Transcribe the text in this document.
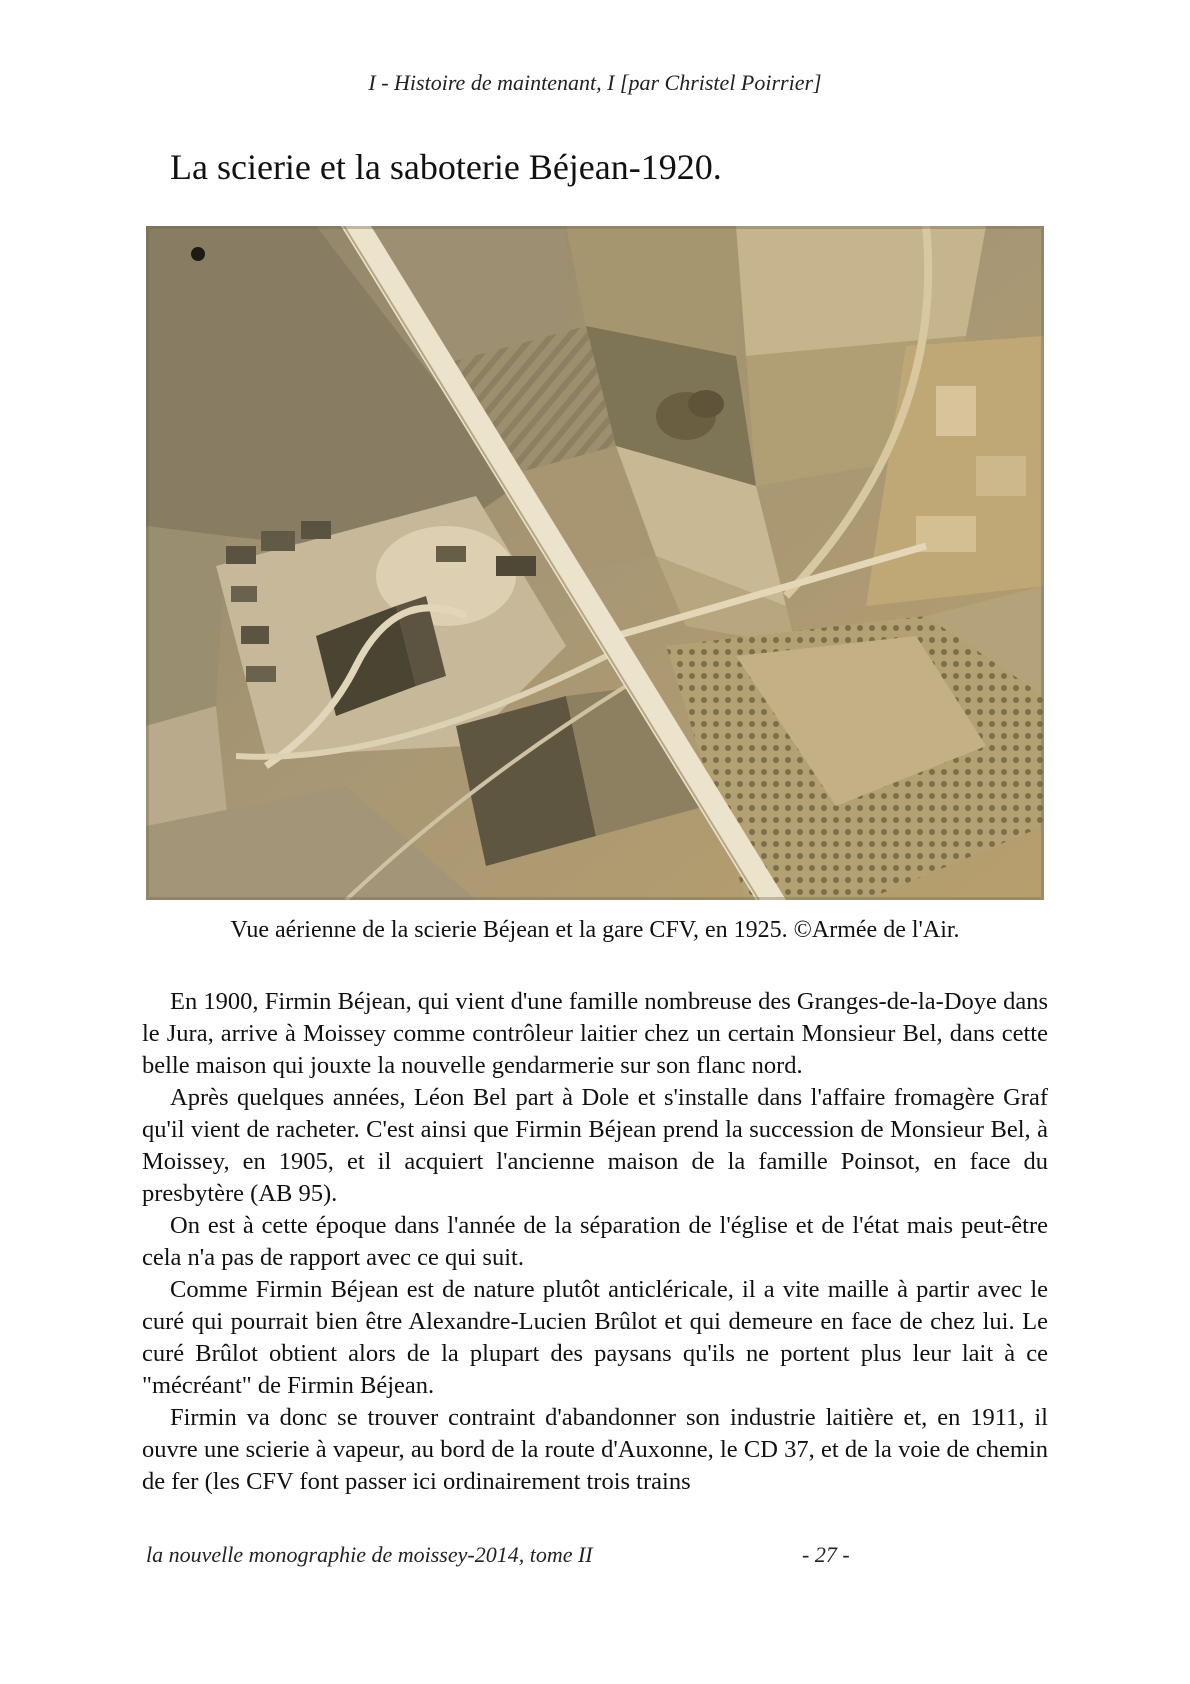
I - Histoire de maintenant, I [par Christel Poirrier]
La scierie et la saboterie Béjean-1920.
Vue aérienne de la scierie Béjean et la gare CFV, en 1925. ©Armée de l'Air.

En 1900, Firmin Béjean, qui vient d'une famille nombreuse des Granges-de-la-Doye dans le Jura, arrive à Moissey comme contrôleur laitier chez un certain Monsieur Bel, dans cette belle maison qui jouxte la nouvelle gendarmerie sur son flanc nord.

Après quelques années, Léon Bel part à Dole et s'installe dans l'affaire fromagère Graf qu'il vient de racheter. C'est ainsi que Firmin Béjean prend la succession de Monsieur Bel, à Moissey, en 1905, et il acquiert l'ancienne maison de la famille Poinsot, en face du presbytère (AB 95).

On est à cette époque dans l'année de la séparation de l'église et de l'état mais peut-être cela n'a pas de rapport avec ce qui suit.

Comme Firmin Béjean est de nature plutôt anticléricale, il a vite maille à partir avec le curé qui pourrait bien être Alexandre-Lucien Brûlot et qui demeure en face de chez lui. Le curé Brûlot obtient alors de la plupart des paysans qu'ils ne portent plus leur lait à ce "mécréant" de Firmin Béjean.

Firmin va donc se trouver contraint d'abandonner son industrie laitière et, en 1911, il ouvre une scierie à vapeur, au bord de la route d'Auxonne, le CD 37, et de la voie de chemin de fer (les CFV font passer ici ordinairement trois trains

la nouvelle monographie de moissey-2014, tome II	- 27 -
